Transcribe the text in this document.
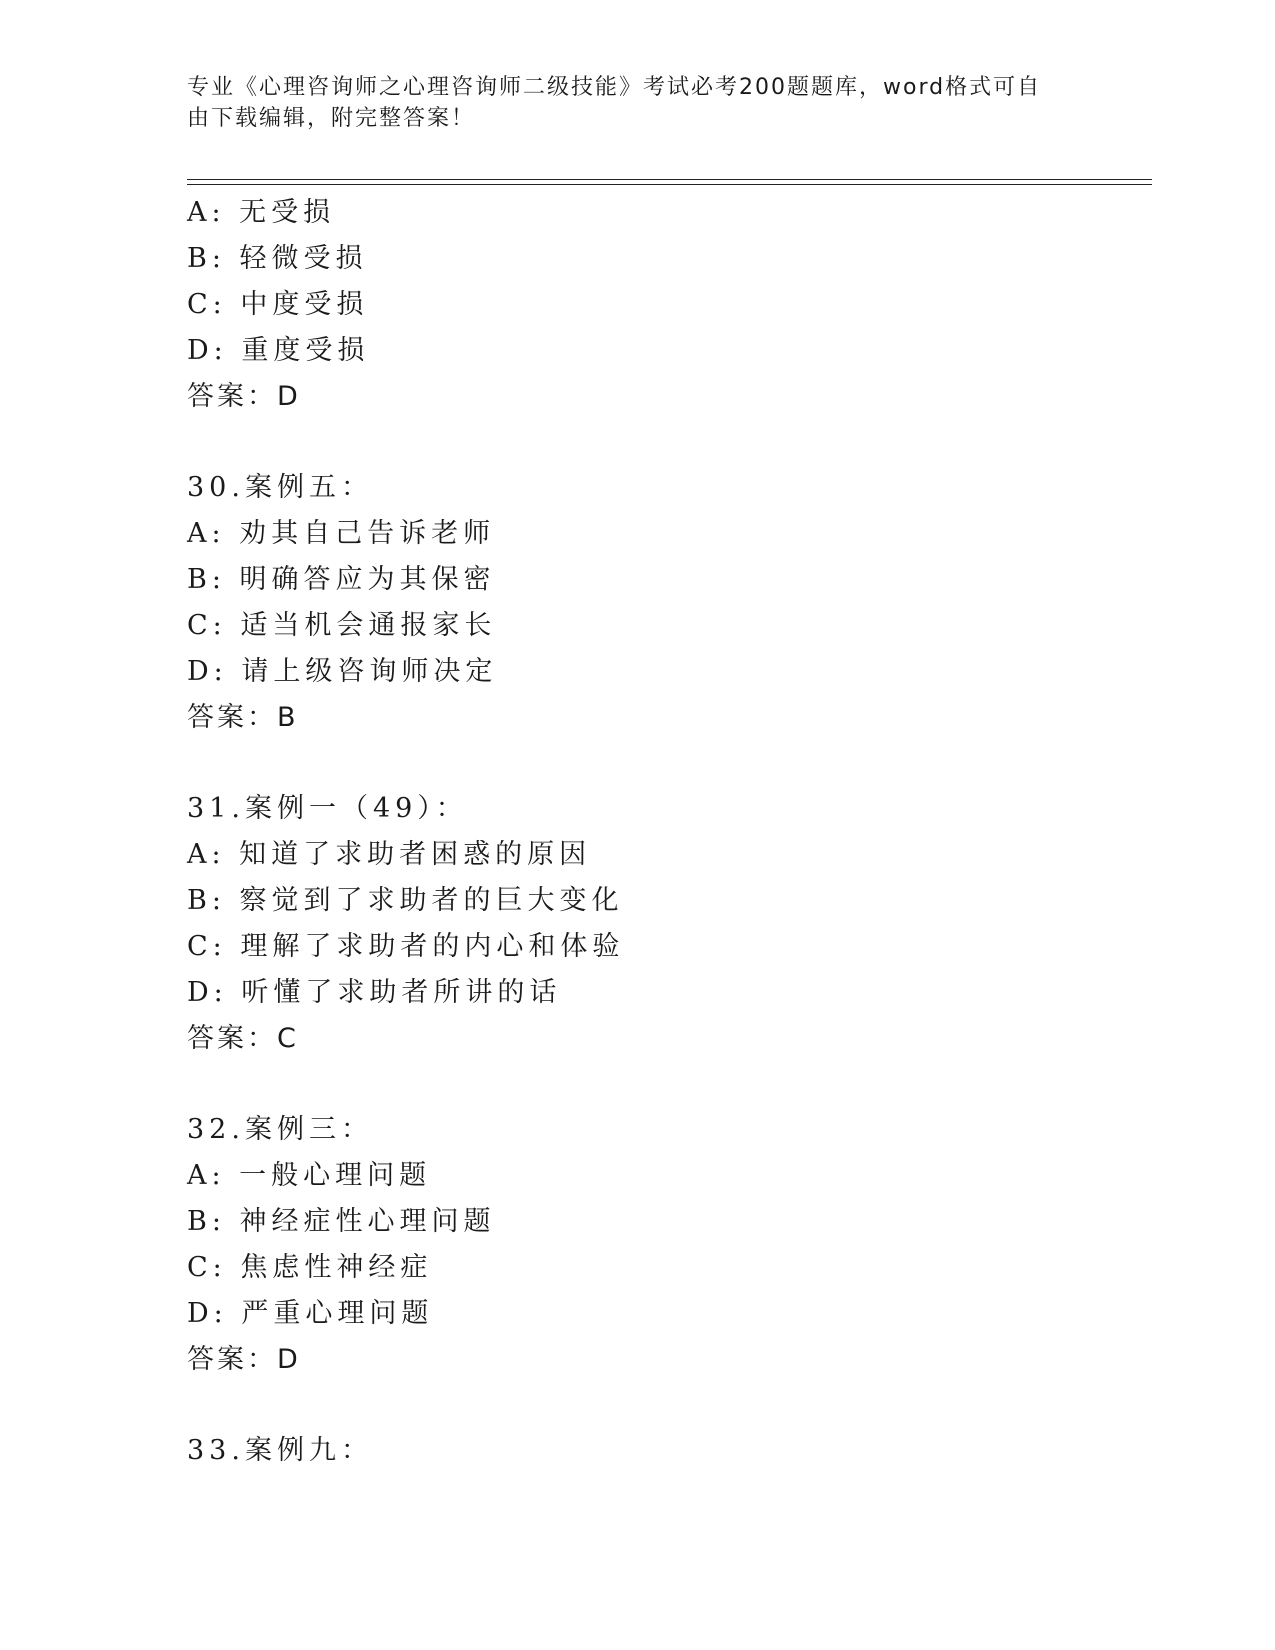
专业《心理咨询师之心理咨询师二级技能》考试必考200题题库，word格式可自
由下载编辑，附完整答案！
A: 无受损
B: 轻微受损
C: 中度受损
D: 重度受损
答案：D
30.案例五：
A: 劝其自己告诉老师
B: 明确答应为其保密
C: 适当机会通报家长
D: 请上级咨询师决定
答案：B
31.案例一（49）：
A: 知道了求助者困惑的原因
B: 察觉到了求助者的巨大变化
C: 理解了求助者的内心和体验
D: 听懂了求助者所讲的话
答案：C
32.案例三：
A: 一般心理问题
B: 神经症性心理问题
C: 焦虑性神经症
D: 严重心理问题
答案：D
33.案例九：
